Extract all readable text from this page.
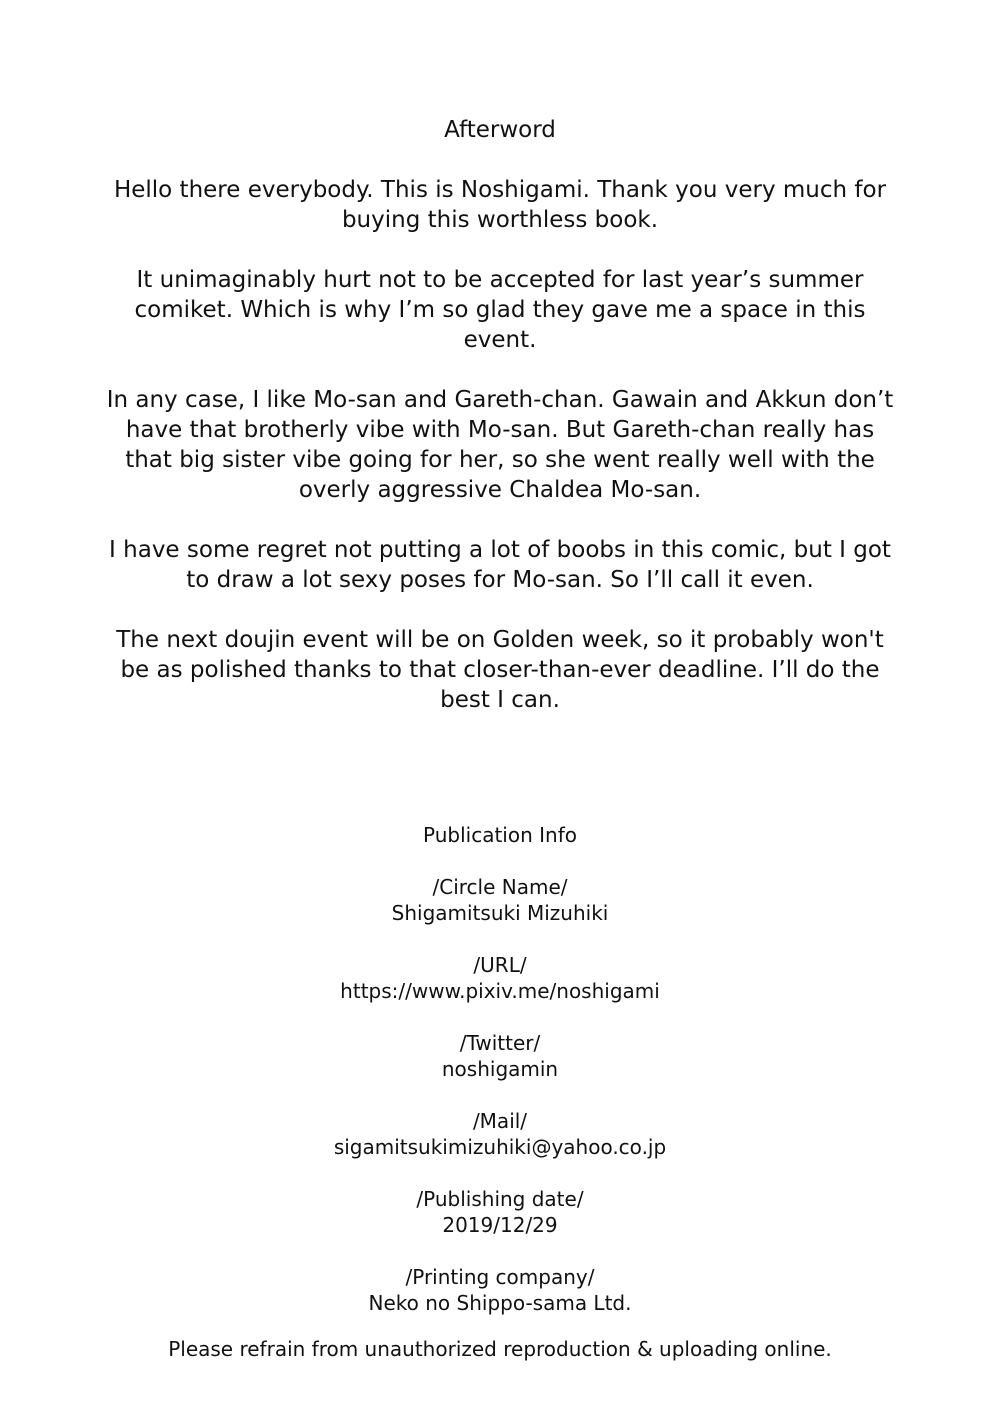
Afterword

Hello there everybody. This is Noshigami. Thank you very much for buying this worthless book.

It unimaginably hurt not to be accepted for last year’s summer comiket. Which is why I’m so glad they gave me a space in this event.

In any case, I like Mo-san and Gareth-chan. Gawain and Akkun don’t have that brotherly vibe with Mo-san. But Gareth-chan really has that big sister vibe going for her, so she went really well with the overly aggressive Chaldea Mo-san.

I have some regret not putting a lot of boobs in this comic, but I got to draw a lot sexy poses for Mo-san. So I’ll call it even.

The next doujin event will be on Golden week, so it probably won't be as polished thanks to that closer-than-ever deadline. I’ll do the best I can.

Publication Info
/Circle Name/
Shigamitsuki Mizuhiki
/URL/
https://www.pixiv.me/noshigami
/Twitter/
noshigamin
/Mail/
sigamitsukimizuhiki@yahoo.co.jp
/Publishing date/
2019/12/29
/Printing company/
Neko no Shippo-sama Ltd.

Please refrain from unauthorized reproduction & uploading online.
